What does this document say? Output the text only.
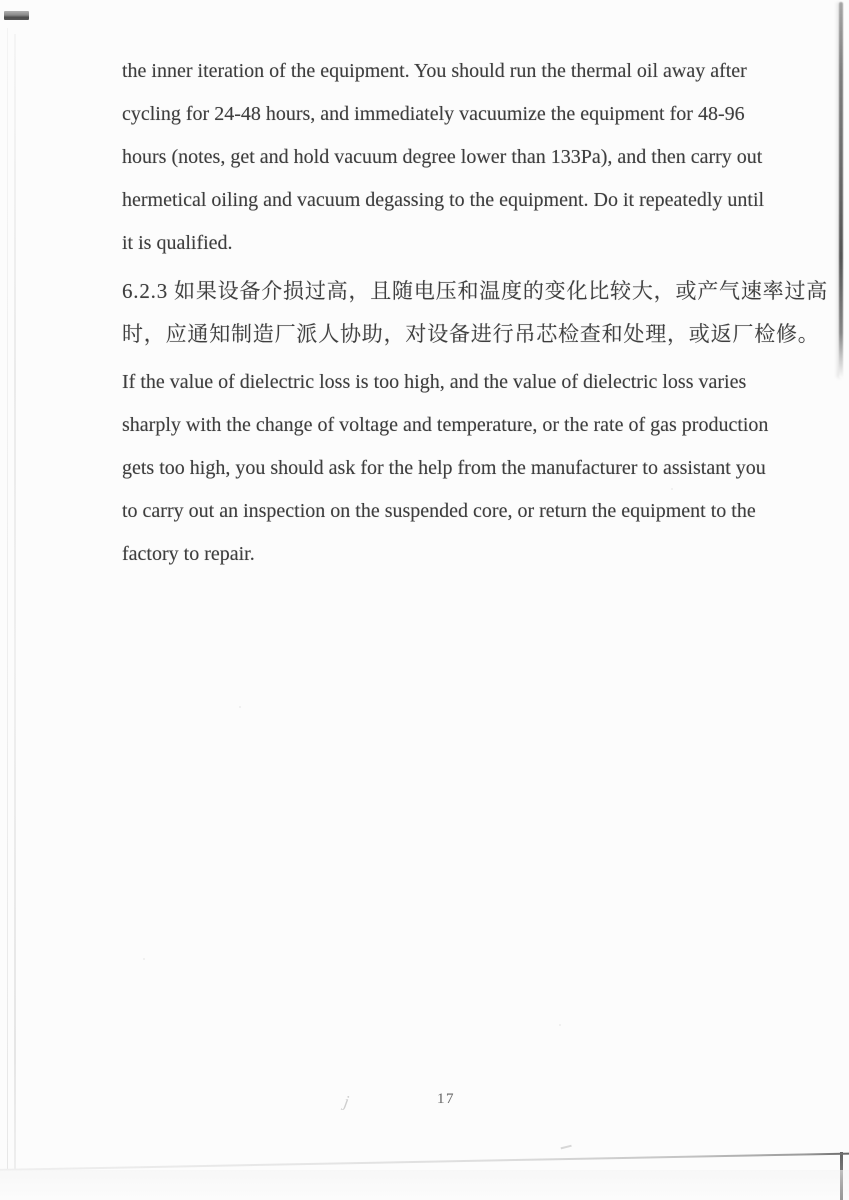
the inner iteration of the equipment. You should run the thermal oil away after
cycling for 24-48 hours, and immediately vacuumize the equipment for 48-96
hours (notes, get and hold vacuum degree lower than 133Pa), and then carry out
hermetical oiling and vacuum degassing to the equipment. Do it repeatedly until
it is qualified.
6.2.3 如果设备介损过高，且随电压和温度的变化比较大，或产气速率过高
时，应通知制造厂派人协助，对设备进行吊芯检查和处理，或返厂检修。
If the value of dielectric loss is too high, and the value of dielectric loss varies
sharply with the change of voltage and temperature, or the rate of gas production
gets too high, you should ask for the help from the manufacturer to assistant you
to carry out an inspection on the suspended core, or return the equipment to the
factory to repair.
j	17
